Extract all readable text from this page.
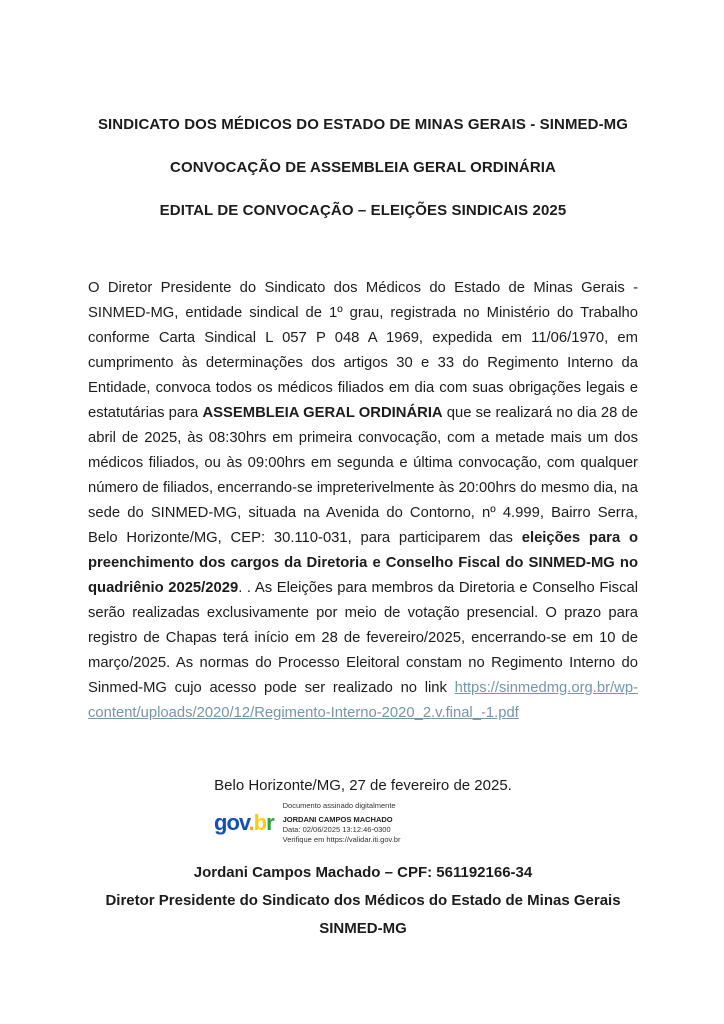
SINDICATO DOS MÉDICOS DO ESTADO DE MINAS GERAIS - SINMED-MG
CONVOCAÇÃO DE ASSEMBLEIA GERAL ORDINÁRIA
EDITAL DE CONVOCAÇÃO – ELEIÇÕES SINDICAIS 2025

O Diretor Presidente do Sindicato dos Médicos do Estado de Minas Gerais - SINMED-MG, entidade sindical de 1º grau, registrada no Ministério do Trabalho conforme Carta Sindical L 057 P 048 A 1969, expedida em 11/06/1970, em cumprimento às determinações dos artigos 30 e 33 do Regimento Interno da Entidade, convoca todos os médicos filiados em dia com suas obrigações legais e estatutárias para ASSEMBLEIA GERAL ORDINÁRIA que se realizará no dia 28 de abril de 2025, às 08:30hrs em primeira convocação, com a metade mais um dos médicos filiados, ou às 09:00hrs em segunda e última convocação, com qualquer número de filiados, encerrando-se impreterivelmente às 20:00hrs do mesmo dia, na sede do SINMED-MG, situada na Avenida do Contorno, nº 4.999, Bairro Serra, Belo Horizonte/MG, CEP: 30.110-031, para participarem das eleições para o preenchimento dos cargos da Diretoria e Conselho Fiscal do SINMED-MG no quadriênio 2025/2029. . As Eleições para membros da Diretoria e Conselho Fiscal serão realizadas exclusivamente por meio de votação presencial. O prazo para registro de Chapas terá início em 28 de fevereiro/2025, encerrando-se em 10 de março/2025. As normas do Processo Eleitoral constam no Regimento Interno do Sinmed-MG cujo acesso pode ser realizado no link https://sinmedmg.org.br/wp-content/uploads/2020/12/Regimento-Interno-2020_2.v.final_-1.pdf

Belo Horizonte/MG, 27 de fevereiro de 2025.

gov.br
Documento assinado digitalmente
JORDANI CAMPOS MACHADO
Data: 02/06/2025 13:12:46-0300
Verifique em https://validar.iti.gov.br

Jordani Campos Machado – CPF: 561192166-34

Diretor Presidente do Sindicato dos Médicos do Estado de Minas Gerais

SINMED-MG
